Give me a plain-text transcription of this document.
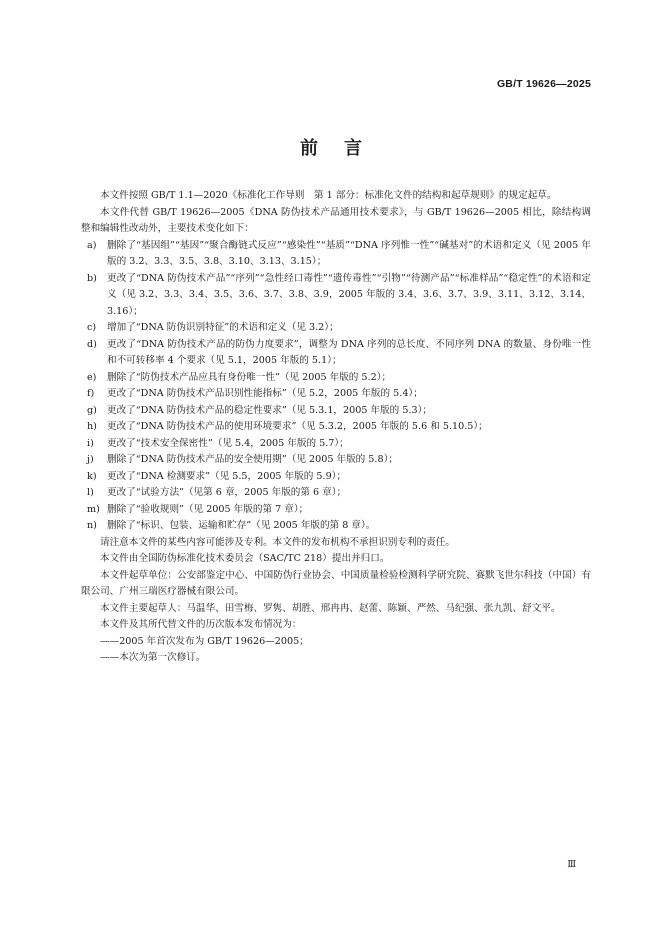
GB/T 19626—2025
前言

本文件按照 GB/T 1.1—2020《标准化工作导则　第 1 部分：标准化文件的结构和起草规则》的规定起草。

本文件代替 GB/T 19626—2005《DNA 防伪技术产品通用技术要求》，与 GB/T 19626—2005 相比，除结构调整和编辑性改动外，主要技术变化如下：

a)	删除了“基因组”“基因”“聚合酶链式反应”“感染性”“基质”“DNA 序列惟一性”“碱基对”的术语和定义（见 2005 年版的 3.2、3.3、3.5、3.8、3.10、3.13、3.15）；
b)	更改了“DNA 防伪技术产品”“序列”“急性经口毒性”“遗传毒性”“引物”“待测产品”“标准样品”“稳定性”的术语和定义（见 3.2、3.3、3.4、3.5、3.6、3.7、3.8、3.9，2005 年版的 3.4、3.6、3.7、3.9、3.11、3.12、3.14、3.16）；
c)	增加了“DNA 防伪识别特征”的术语和定义（见 3.2）；
d)	更改了“DNA 防伪技术产品的防伪力度要求”，调整为 DNA 序列的总长度、不同序列 DNA 的数量、身份唯一性和不可转移率 4 个要求（见 5.1，2005 年版的 5.1）；
e)	删除了“防伪技术产品应具有身份唯一性”（见 2005 年版的 5.2）；
f)	更改了“DNA 防伪技术产品识别性能指标”（见 5.2，2005 年版的 5.4）；
g)	更改了“DNA 防伪技术产品的稳定性要求”（见 5.3.1，2005 年版的 5.3）；
h)	更改了“DNA 防伪技术产品的使用环境要求”（见 5.3.2，2005 年版的 5.6 和 5.10.5）；
i)	更改了“技术安全保密性”（见 5.4，2005 年版的 5.7）；
j)	删除了“DNA 防伪技术产品的安全使用期”（见 2005 年版的 5.8）；
k)	更改了“DNA 检测要求”（见 5.5，2005 年版的 5.9）；
l)	更改了“试验方法”（见第 6 章，2005 年版的第 6 章）；
m) 删除了“验收规则”（见 2005 年版的第 7 章）；
n)	删除了“标识、包装、运输和贮存”（见 2005 年版的第 8 章）。

请注意本文件的某些内容可能涉及专利。本文件的发布机构不承担识别专利的责任。

本文件由全国防伪标准化技术委员会（SAC/TC 218）提出并归口。

本文件起草单位：公安部鉴定中心、中国防伪行业协会、中国质量检验检测科学研究院、赛默飞世尔科技（中国）有限公司、广州三瑞医疗器械有限公司。

本文件主要起草人：马温华、田雪梅、罗隽、胡胜、邢冉冉、赵蕾、陈颖、严然、马纪强、张九凯、舒文平。

本文件及其所代替文件的历次版本发布情况为：

——2005 年首次发布为 GB/T 19626—2005；

——本次为第一次修订。

Ⅲ
